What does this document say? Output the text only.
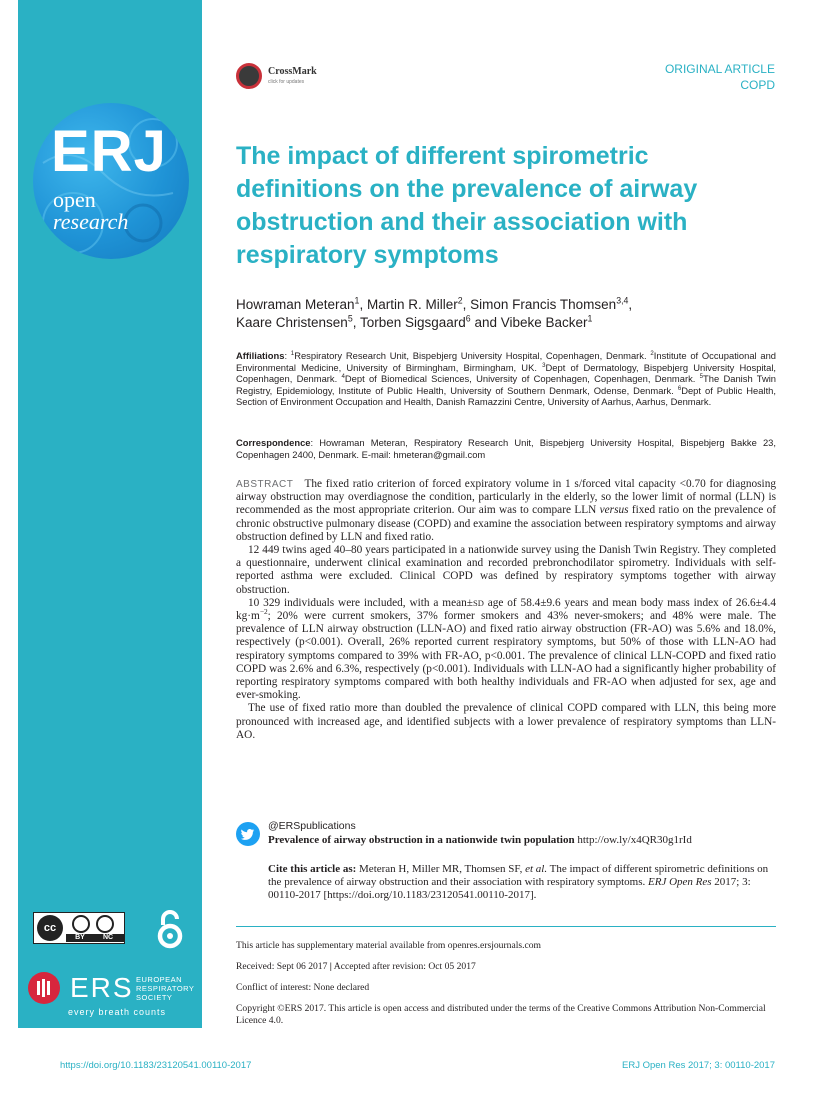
ERJ
open
research
cc
BY	NC
ERS EUROPEAN
RESPIRATORY
SOCIETY
every breath counts
CrossMark
click for updates
ORIGINAL ARTICLE
COPD
The impact of different spirometric definitions on the prevalence of airway obstruction and their association with respiratory symptoms
Howraman Meteran$^1$, Martin R. Miller$^2$, Simon Francis Thomsen$^{3,4}$,
Kaare Christensen$^5$, Torben Sigsgaard$^6$ and Vibeke Backer$^1$
Affiliations: $^1$Respiratory Research Unit, Bispebjerg University Hospital, Copenhagen, Denmark. $^2$Institute of Occupational and Environmental Medicine, University of Birmingham, Birmingham, UK. $^3$Dept of Dermatology, Bispebjerg University Hospital, Copenhagen, Denmark. $^4$Dept of Biomedical Sciences, University of Copenhagen, Copenhagen, Denmark. $^5$The Danish Twin Registry, Epidemiology, Institute of Public Health, University of Southern Denmark, Odense, Denmark. $^6$Dept of Public Health, Section of Environment Occupation and Health, Danish Ramazzini Centre, University of Aarhus, Aarhus, Denmark.
Correspondence: Howraman Meteran, Respiratory Research Unit, Bispebjerg University Hospital, Bispebjerg Bakke 23, Copenhagen 2400, Denmark. E-mail: hmeteran@gmail.com

ABSTRACT The fixed ratio criterion of forced expiratory volume in 1 s/forced vital capacity <0.70 for diagnosing airway obstruction may overdiagnose the condition, particularly in the elderly, so the lower limit of normal (LLN) is recommended as the most appropriate criterion. Our aim was to compare LLN versus fixed ratio on the prevalence of chronic obstructive pulmonary disease (COPD) and examine the association between respiratory symptoms and airway obstruction defined by LLN and fixed ratio.

12 449 twins aged 40–80 years participated in a nationwide survey using the Danish Twin Registry. They completed a questionnaire, underwent clinical examination and recorded prebronchodilator spirometry. Individuals with self-reported asthma were excluded. Clinical COPD was defined by respiratory symptoms together with airway obstruction.

10 329 individuals were included, with a mean±SD age of 58.4±9.6 years and mean body mass index of 26.6±4.4 $kg\cdot m^{-2}$; 20% were current smokers, 37% former smokers and 43% never-smokers; and 48% were male. The prevalence of LLN airway obstruction (LLN-AO) and fixed ratio airway obstruction (FR-AO) was 5.6% and 18.0%, respectively (p<0.001). Overall, 26% reported current respiratory symptoms, but 50% of those with LLN-AO had respiratory symptoms compared to 39% with FR-AO, p<0.001. The prevalence of clinical LLN-COPD and fixed ratio COPD was 2.6% and 6.3%, respectively (p<0.001). Individuals with LLN-AO had a significantly higher probability of reporting respiratory symptoms compared with both healthy individuals and FR-AO when adjusted for sex, age and ever-smoking.

The use of fixed ratio more than doubled the prevalence of clinical COPD compared with LLN, this being more pronounced with increased age, and identified subjects with a lower prevalence of respiratory symptoms than LLN-AO.

@ERSpublications
Prevalence of airway obstruction in a nationwide twin population http://ow.ly/x4QR30g1rId
Cite this article as: Meteran H, Miller MR, Thomsen SF, et al. The impact of different spirometric definitions on the prevalence of airway obstruction and their association with respiratory symptoms. ERJ Open Res 2017; 3: 00110-2017 [https://doi.org/10.1183/23120541.00110-2017].
This article has supplementary material available from openres.ersjournals.com
Received: Sept 06 2017 | Accepted after revision: Oct 05 2017
Conflict of interest: None declared
Copyright ©ERS 2017. This article is open access and distributed under the terms of the Creative Commons Attribution Non-Commercial Licence 4.0.
https://doi.org/10.1183/23120541.00110-2017	ERJ Open Res 2017; 3: 00110-2017
